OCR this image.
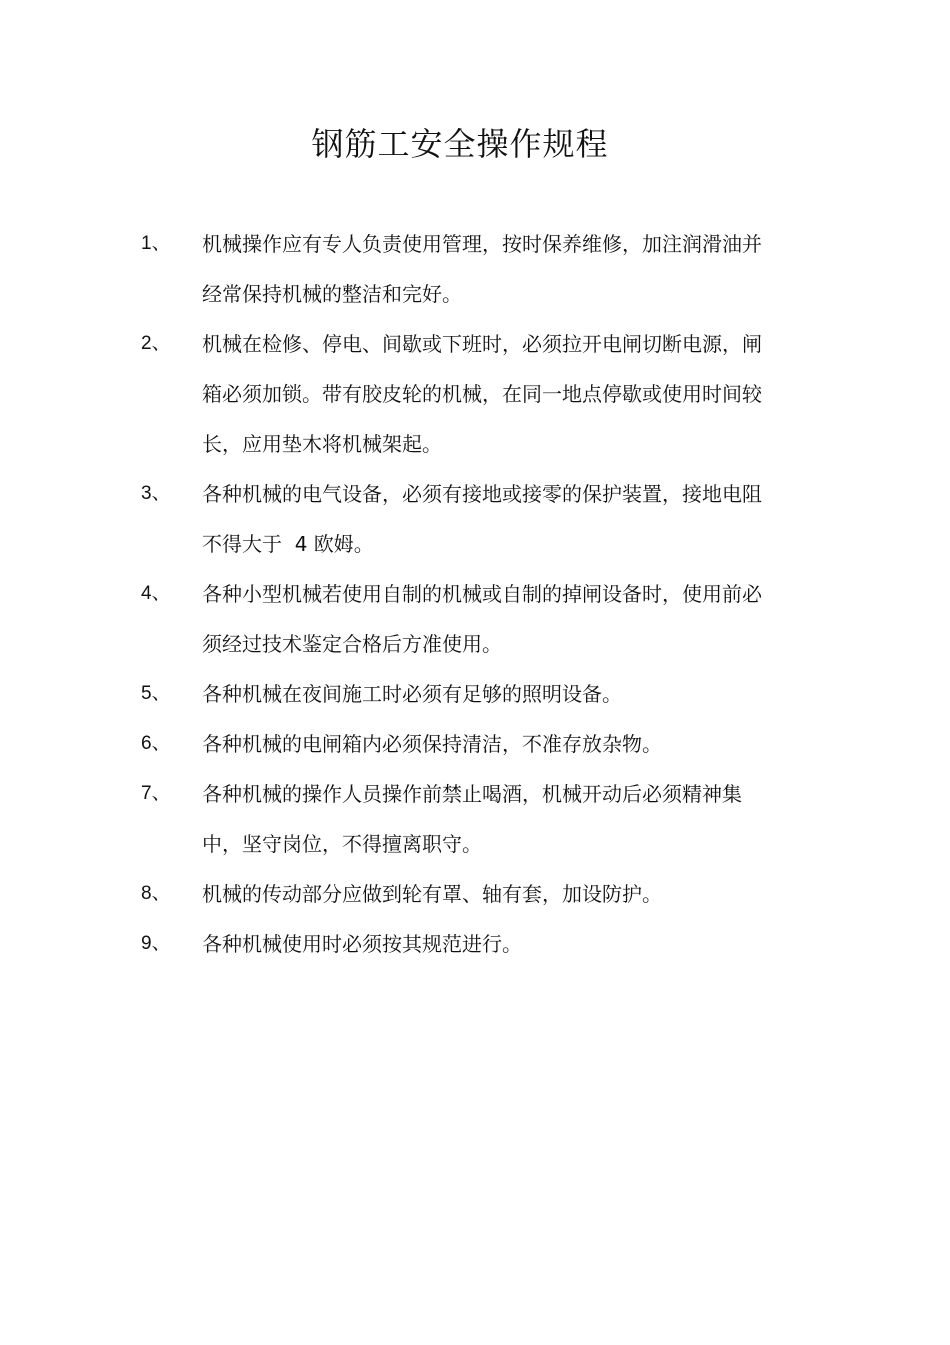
钢筋工安全操作规程
1、 机械操作应有专人负责使用管理，按时保养维修，加注润滑油并经常保持机械的整洁和完好。
2、 机械在检修、停电、间歇或下班时，必须拉开电闸切断电源，闸箱必须加锁。带有胶皮轮的机械，在同一地点停歇或使用时间较长，应用垫木将机械架起。
3、 各种机械的电气设备，必须有接地或接零的保护装置，接地电阻不得大于  4 欧姆。
4、 各种小型机械若使用自制的机械或自制的掉闸设备时，使用前必须经过技术鉴定合格后方准使用。
5、 各种机械在夜间施工时必须有足够的照明设备。
6、 各种机械的电闸箱内必须保持清洁，不准存放杂物。
7、 各种机械的操作人员操作前禁止喝酒，机械开动后必须精神集中，坚守岗位，不得擅离职守。
8、 机械的传动部分应做到轮有罩、轴有套，加设防护。
9、 各种机械使用时必须按其规范进行。
